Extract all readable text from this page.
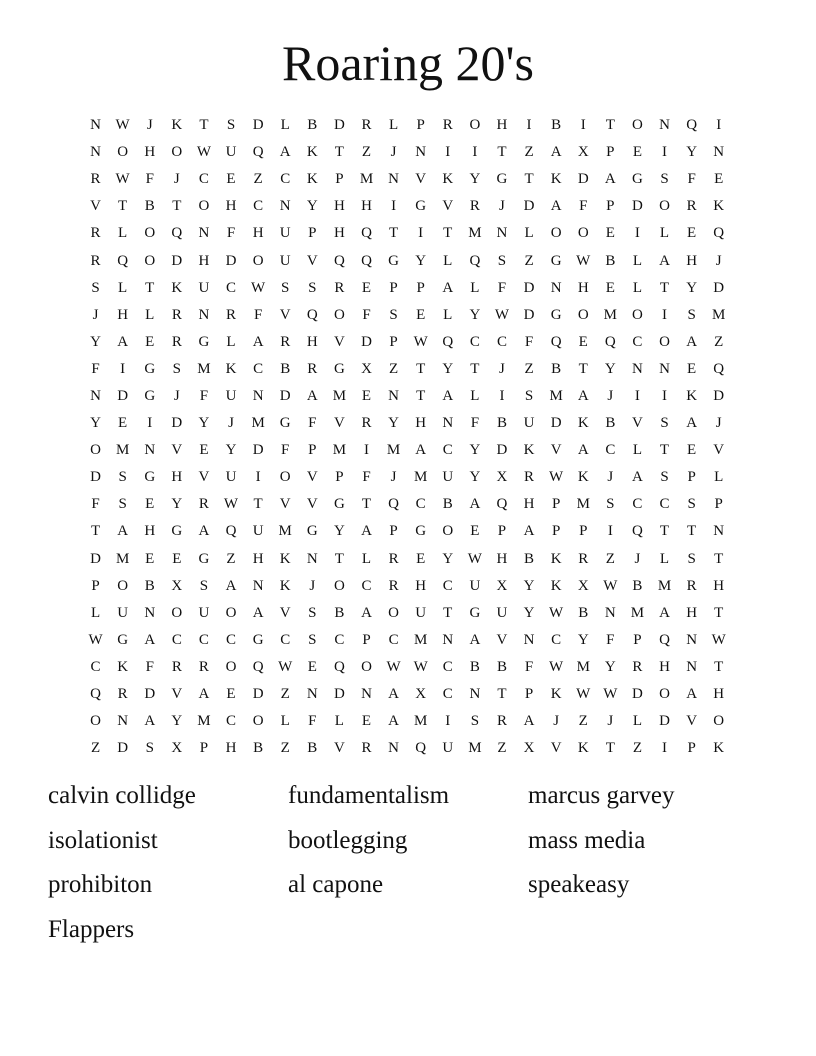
Roaring 20's
N W	J	K	T	S	D	L	B	D	R	L	P	R	O	H	I	B	I	T	O	N	Q	I
N	O	H	O W U	Q	A	K	T	Z	J	N	I	I	T	Z	A	X	P	E	I	Y	N
R	W	F	J	C	E	Z	C	K	P	M	N	V	K	Y	G	T	K	D	A	G	S	F	E
V	T	B	T	O	H	C	N	Y	H	H	I	G	V	R	J	D	A	F	P	D	O	R	K
R	L	O	Q	N	F	H	U	P	H	Q	T	I	T	M	N	L	O	O	E	I	L	E	Q
R	Q	O	D	H	D	O	U	V	Q	Q	G	Y	L	Q	S	Z	G W	B	L	A	H	J
S	L	T	K	U	C	W	S	S	R	E	P	P	A	L	F	D	N	H	E	L	T	Y	D
J	H	L	R	N	R	F	V	Q	O	F	S	E	L	Y W D	G	O	M	O	I	S	M
Y	A	E	R	G	L	A	R	H	V	D	P	W Q	C	C	F	Q	E	Q	C	O	A	Z
F	I	G	S	M	K	C	B	R	G	X	Z	T	Y	T	J	Z	B	T	Y	N	N	E	Q
N	D	G	J	F	U	N	D	A	M	E	N	T	A	L	I	S	M	A	J	I	I	K	D
Y	E	I	D	Y	J	M	G	F	V	R	Y	H	N	F	B	U	D	K	B	V	S	A	J
O	M	N	V	E	Y	D	F	P	M	I	M	A	C	Y	D	K	V	A	C	L	T	E	V
D	S	G	H	V	U	I	O	V	P	F	J	M	U	Y	X	R	W K	J	A	S	P	L
F	S	E	Y	R	W	T	V	V	G	T	Q	C	B	A	Q	H	P	M	S	C	C	S	P
T	A	H	G	A	Q	U	M	G	Y	A	P	G	O	E	P	A	P	P	I	Q	T	T	N
D	M	E	E	G	Z	H	K	N	T	L	R	E	Y W H	B	K	R	Z	J	L	S	T
P	O	B	X	S	A	N	K	J	O	C	R	H	C	U	X	Y	K	X W	B	M	R	H
L	U	N	O	U	O	A	V	S	B	A	O	U	T	G	U	Y W	B	N	M	A	H	T
W G	A	C	C	C	G	C	S	C	P	C	M	N	A	V	N	C	Y	F	P	Q	N W
C	K	F	R	R	O	Q W	E	Q	O W W	C	B	B	F	W M	Y	R	H	N	T
Q	R	D	V	A	E	D	Z	N	D	N	A	X	C	N	T	P	K W W D	O	A	H
O	N	A	Y	M	C	O	L	F	L	E	A	M	I	S	R	A	J	Z	J	L	D	V	O
Z	D	S	X	P	H	B	Z	B	V	R	N	Q	U	M	Z	X	V	K	T	Z	I	P	K
calvin collidge	fundamentalism	marcus garvey
isolationist	bootlegging	mass media
prohibiton	al capone	speakeasy
Flappers
